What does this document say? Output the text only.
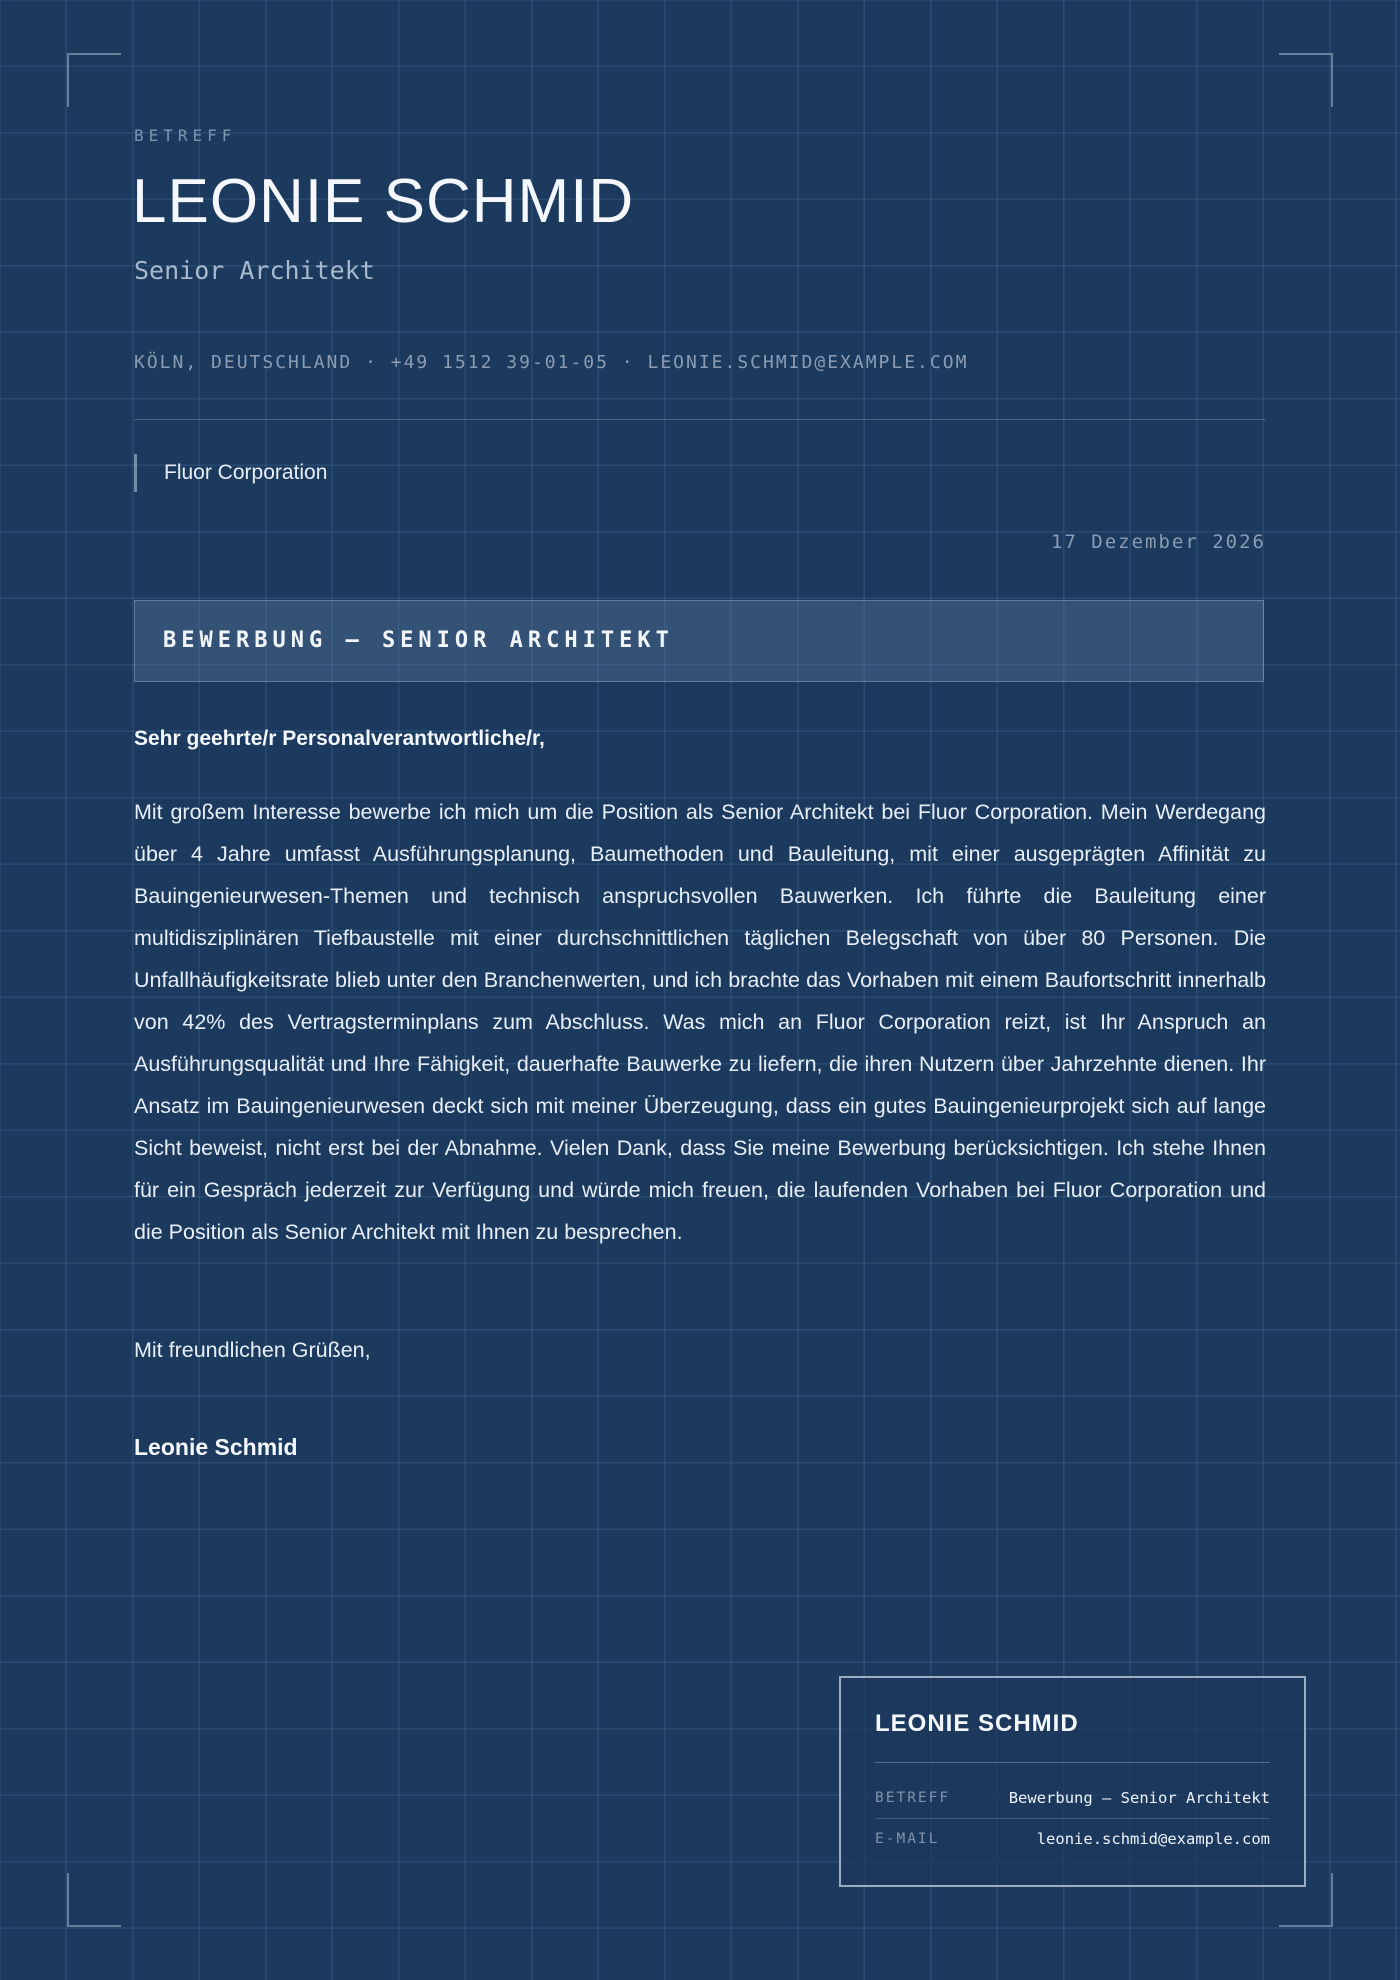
BETREFF
LEONIE SCHMID
Senior Architekt
KÖLN, DEUTSCHLAND · +49 1512 39-01-05 · LEONIE.SCHMID@EXAMPLE.COM
Fluor Corporation
17 Dezember 2026
BEWERBUNG — SENIOR ARCHITEKT
Sehr geehrte/r Personalverantwortliche/r,

Mit großem Interesse bewerbe ich mich um die Position als Senior Architekt bei Fluor Corporation. Mein Werdegang über 4 Jahre umfasst Ausführungsplanung, Baumethoden und Bauleitung, mit einer ausgeprägten Affinität zu Bauingenieurwesen-Themen und technisch anspruchsvollen Bauwerken. Ich führte die Bauleitung einer multidisziplinären Tiefbaustelle mit einer durchschnittlichen täglichen Belegschaft von über 80 Personen. Die Unfallhäufigkeitsrate blieb unter den Branchenwerten, und ich brachte das Vorhaben mit einem Baufortschritt innerhalb von 42% des Vertragsterminplans zum Abschluss. Was mich an Fluor Corporation reizt, ist Ihr Anspruch an Ausführungsqualität und Ihre Fähigkeit, dauerhafte Bauwerke zu liefern, die ihren Nutzern über Jahrzehnte dienen. Ihr Ansatz im Bauingenieurwesen deckt sich mit meiner Überzeugung, dass ein gutes Bauingenieurprojekt sich auf lange Sicht beweist, nicht erst bei der Abnahme. Vielen Dank, dass Sie meine Bewerbung berücksichtigen. Ich stehe Ihnen für ein Gespräch jederzeit zur Verfügung und würde mich freuen, die laufenden Vorhaben bei Fluor Corporation und die Position als Senior Architekt mit Ihnen zu besprechen.

Mit freundlichen Grüßen,
Leonie Schmid
LEONIE SCHMID
BETREFF	Bewerbung — Senior Architekt
E-MAIL	leonie.schmid@example.com
